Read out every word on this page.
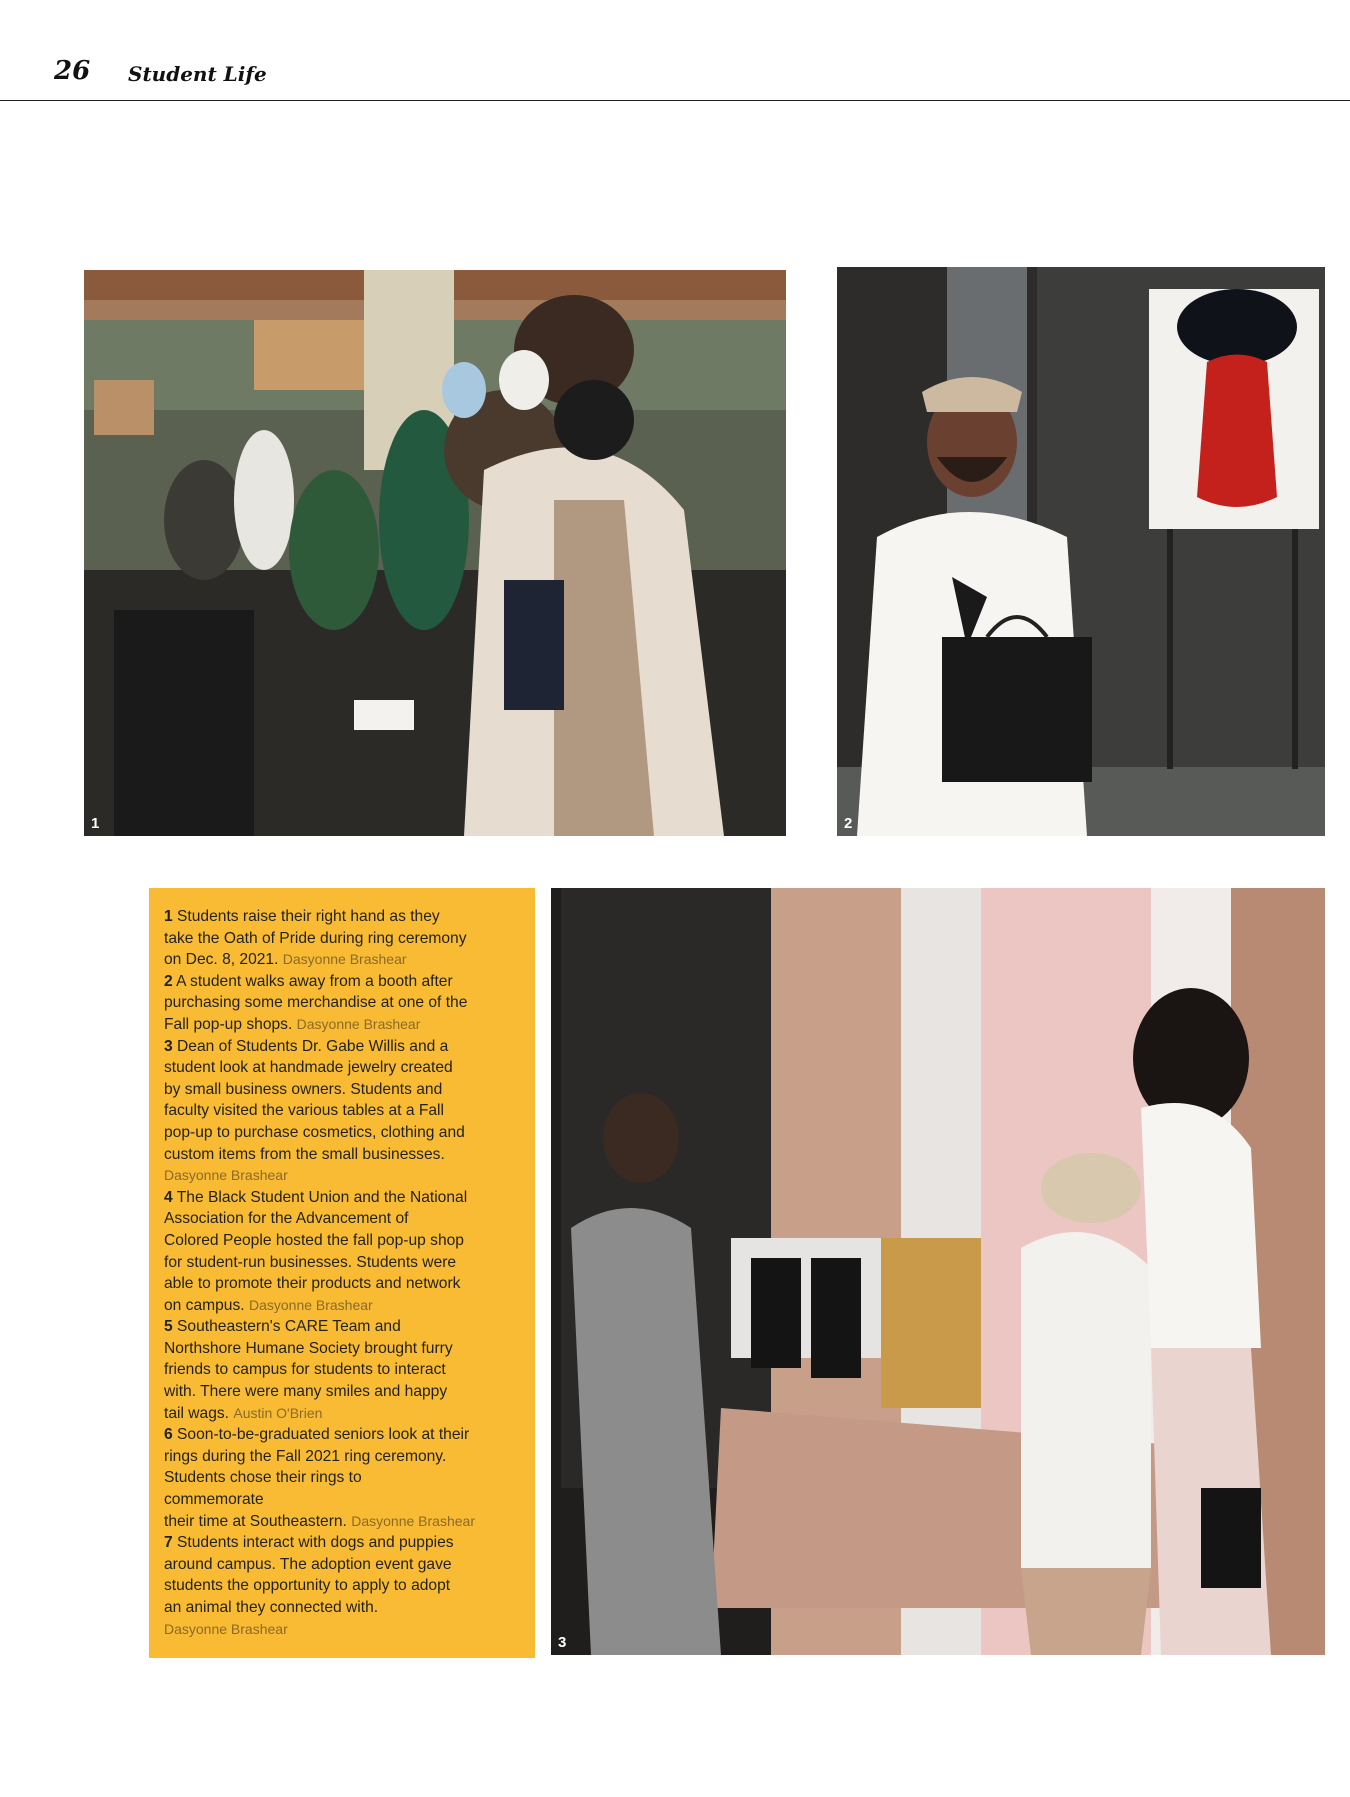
26 Student Life
1	2
1 Students raise their right hand as they
take the Oath of Pride during ring ceremony
on Dec. 8, 2021. Dasyonne Brashear
2 A student walks away from a booth after
purchasing some merchandise at one of the
Fall pop-up shops. Dasyonne Brashear
3 Dean of Students Dr. Gabe Willis and a
student look at handmade jewelry created
by small business owners. Students and
faculty visited the various tables at a Fall
pop-up to purchase cosmetics, clothing and
custom items from the small businesses.
Dasyonne Brashear
4 The Black Student Union and the National
Association for the Advancement of
Colored People hosted the fall pop-up shop
for student-run businesses. Students were
able to promote their products and network
on campus. Dasyonne Brashear
5 Southeastern's CARE Team and
Northshore Humane Society brought furry
friends to campus for students to interact
with. There were many smiles and happy
tail wags. Austin O'Brien
6 Soon-to-be-graduated seniors look at their
rings during the Fall 2021 ring ceremony.
Students chose their rings to
commemorate
their time at Southeastern. Dasyonne Brashear
7 Students interact with dogs and puppies
around campus. The adoption event gave
students the opportunity to apply to adopt
an animal they connected with.
Dasyonne Brashear
3
